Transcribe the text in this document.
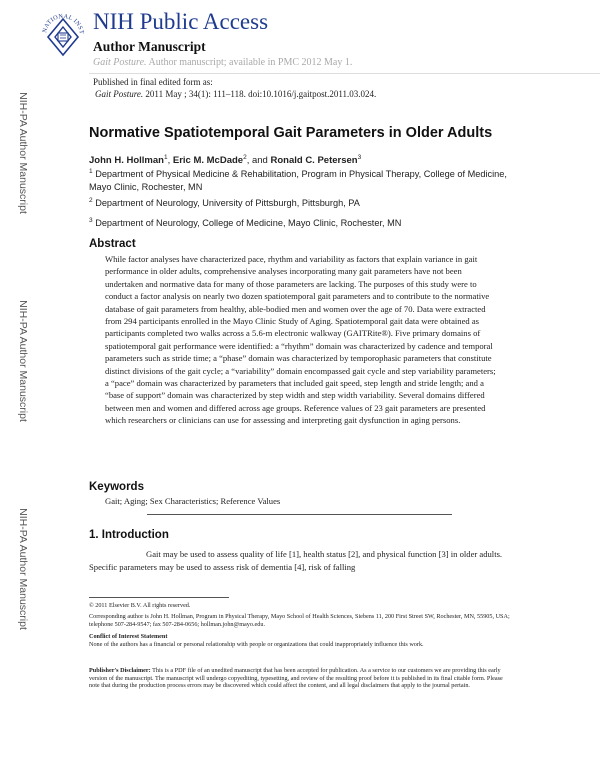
NATIONAL INST NIH Public Access
Author Manuscript
Gait Posture. Author manuscript; available in PMC 2012 May 1.
Published in final edited form as:
Gait Posture. 2011 May ; 34(1): 111–118. doi:10.1016/j.gaitpost.2011.03.024.
NIH-PA Author Manuscript
NIH-PA Author Manuscript
NIH-PA Author Manuscript
Normative Spatiotemporal Gait Parameters in Older Adults
John H. Hollman$^1$, Eric M. McDade$^2$, and Ronald C. Petersen$^3$
$^1$ Department of Physical Medicine & Rehabilitation, Program in Physical Therapy, College of Medicine, Mayo Clinic, Rochester, MN
$^2$ Department of Neurology, University of Pittsburgh, Pittsburgh, PA
$^3$ Department of Neurology, College of Medicine, Mayo Clinic, Rochester, MN
Abstract
While factor analyses have characterized pace, rhythm and variability as factors that explain variance in gait performance in older adults, comprehensive analyses incorporating many gait parameters have not been undertaken and normative data for many of those parameters are lacking. The purposes of this study were to conduct a factor analysis on nearly two dozen spatiotemporal gait parameters and to contribute to the normative database of gait parameters from healthy, able-bodied men and women over the age of 70. Data were extracted from 294 participants enrolled in the Mayo Clinic Study of Aging. Spatiotemporal gait data were obtained as participants completed two walks across a 5.6-m electronic walkway (GAITRite®). Five primary domains of spatiotemporal gait performance were identified: a “rhythm” domain was characterized by cadence and temporal parameters such as stride time; a “phase” domain was characterized by temporophasic parameters that constitute distinct divisions of the gait cycle; a “variability” domain encompassed gait cycle and step variability parameters; a “pace” domain was characterized by parameters that included gait speed, step length and stride length; and a “base of support” domain was characterized by step width and step width variability. Several domains differed between men and women and differed across age groups. Reference values of 23 gait parameters are presented which researchers or clinicians can use for assessing and interpreting gait dysfunction in aging persons.
Keywords
Gait; Aging; Sex Characteristics; Reference Values
1. Introduction
Gait may be used to assess quality of life [1], health status [2], and physical function [3] in older adults. Specific parameters may be used to assess risk of dementia [4], risk of falling
© 2011 Elsevier B.V. All rights reserved.
Corresponding author is John H. Hollman, Program in Physical Therapy, Mayo School of Health Sciences, Siebens 11, 200 First Street SW, Rochester, MN, 55905, USA; telephone 507-284-9547; fax 507-284-0656; hollman.john@mayo.edu.
Conflict of Interest Statement
None of the authors has a financial or personal relationship with people or organizations that could inappropriately influence this work.
Publisher's Disclaimer: This is a PDF file of an unedited manuscript that has been accepted for publication. As a service to our customers we are providing this early version of the manuscript. The manuscript will undergo copyediting, typesetting, and review of the resulting proof before it is published in its final citable form. Please note that during the production process errors may be discovered which could affect the content, and all legal disclaimers that apply to the journal pertain.
